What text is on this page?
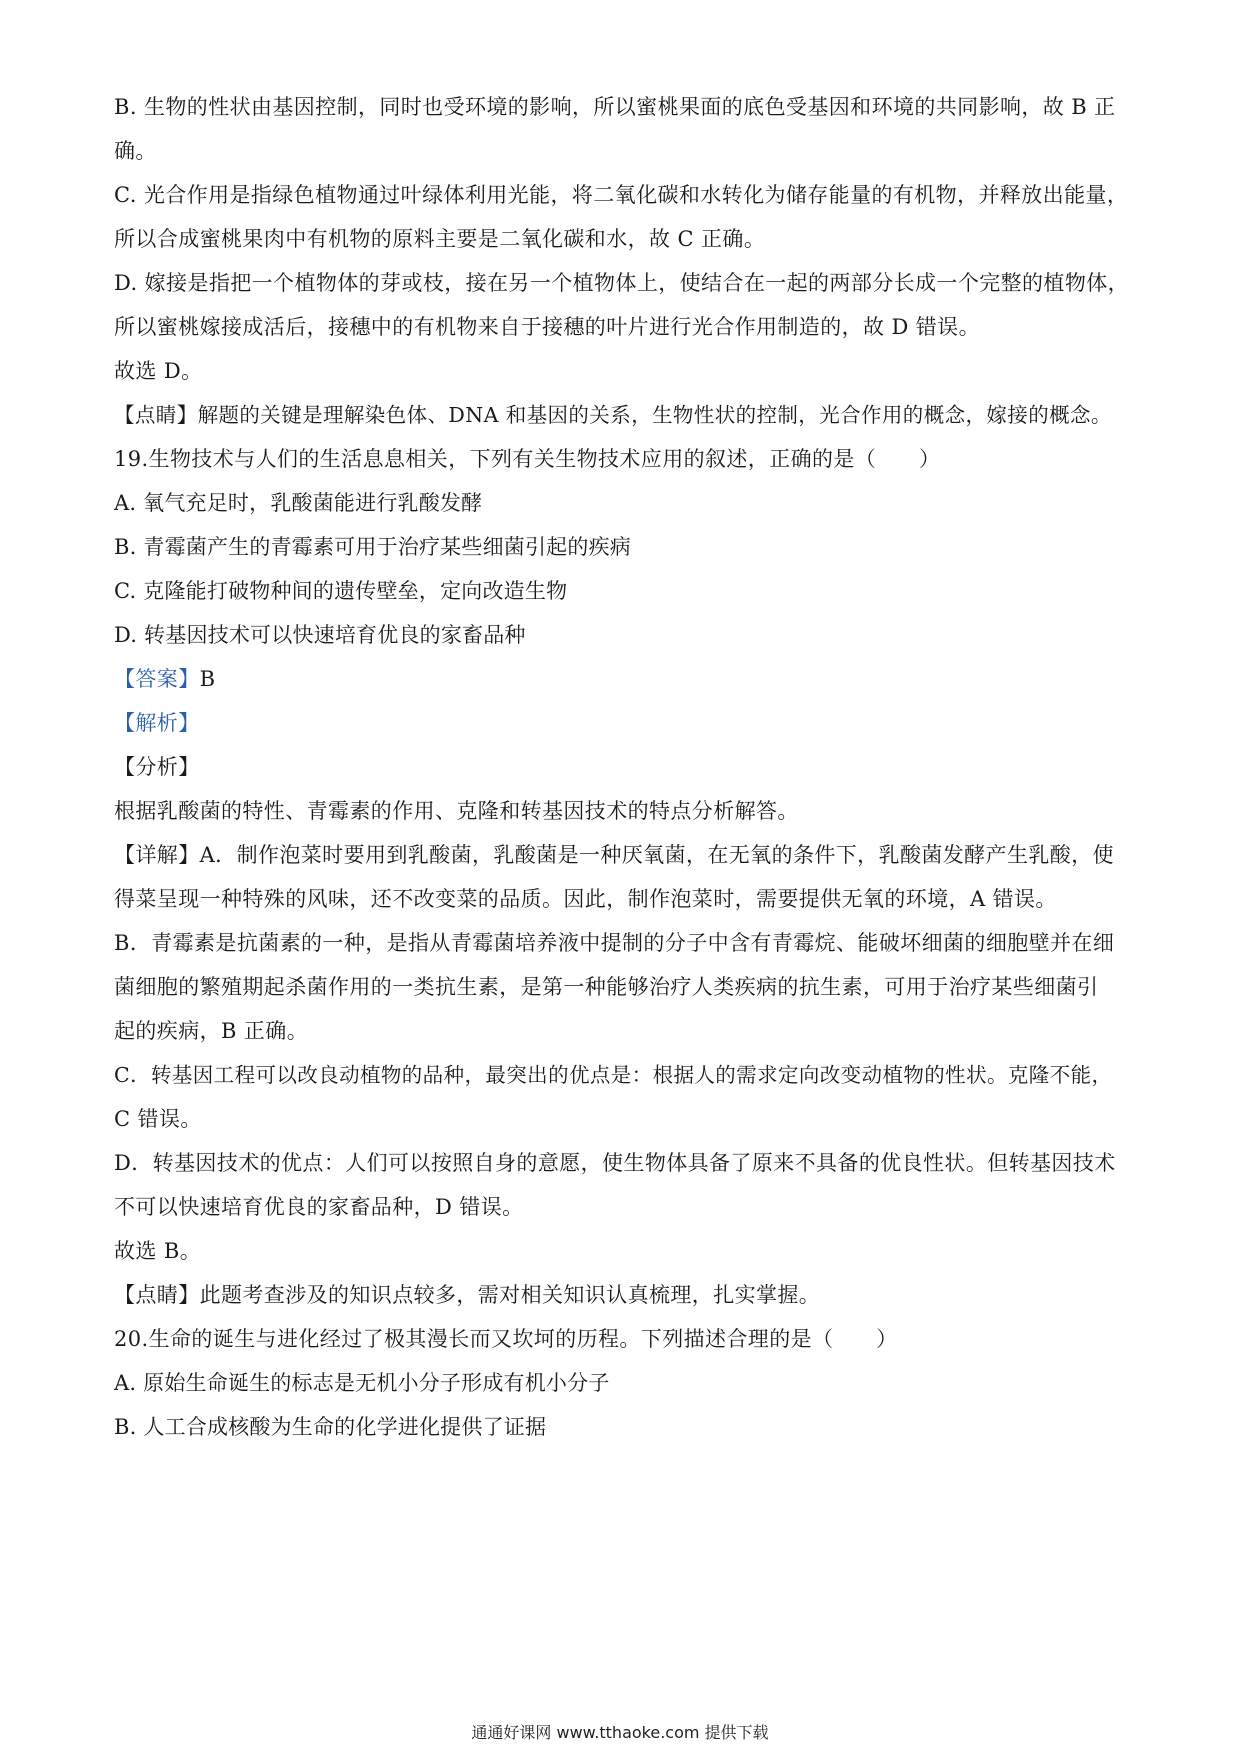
B. 生物的性状由基因控制，同时也受环境的影响，所以蜜桃果面的底色受基因和环境的共同影响，故 B 正
确。
C. 光合作用是指绿色植物通过叶绿体利用光能，将二氧化碳和水转化为储存能量的有机物，并释放出能量，
所以合成蜜桃果肉中有机物的原料主要是二氧化碳和水，故 C 正确。
D. 嫁接是指把一个植物体的芽或枝，接在另一个植物体上，使结合在一起的两部分长成一个完整的植物体，
所以蜜桃嫁接成活后，接穗中的有机物来自于接穗的叶片进行光合作用制造的，故 D 错误。
故选 D。
【点睛】解题的关键是理解染色体、DNA 和基因的关系，生物性状的控制，光合作用的概念，嫁接的概念。
19.生物技术与人们的生活息息相关，下列有关生物技术应用的叙述，正确的是（　　）
A. 氧气充足时，乳酸菌能进行乳酸发酵
B. 青霉菌产生的青霉素可用于治疗某些细菌引起的疾病
C. 克隆能打破物种间的遗传壁垒，定向改造生物
D. 转基因技术可以快速培育优良的家畜品种
【答案】B
【解析】
【分析】
根据乳酸菌的特性、青霉素的作用、克隆和转基因技术的特点分析解答。
【详解】A．制作泡菜时要用到乳酸菌，乳酸菌是一种厌氧菌，在无氧的条件下，乳酸菌发酵产生乳酸，使
得菜呈现一种特殊的风味，还不改变菜的品质。因此，制作泡菜时，需要提供无氧的环境，A 错误。
B．青霉素是抗菌素的一种，是指从青霉菌培养液中提制的分子中含有青霉烷、能破坏细菌的细胞壁并在细
菌细胞的繁殖期起杀菌作用的一类抗生素，是第一种能够治疗人类疾病的抗生素，可用于治疗某些细菌引
起的疾病，B 正确。
C．转基因工程可以改良动植物的品种，最突出的优点是：根据人的需求定向改变动植物的性状。克隆不能，
C 错误。
D．转基因技术的优点：人们可以按照自身的意愿，使生物体具备了原来不具备的优良性状。但转基因技术
不可以快速培育优良的家畜品种，D 错误。
故选 B。
【点睛】此题考查涉及的知识点较多，需对相关知识认真梳理，扎实掌握。
20.生命的诞生与进化经过了极其漫长而又坎坷的历程。下列描述合理的是（　　）
A. 原始生命诞生的标志是无机小分子形成有机小分子
B. 人工合成核酸为生命的化学进化提供了证据
通通好课网 www.tthaoke.com 提供下载
